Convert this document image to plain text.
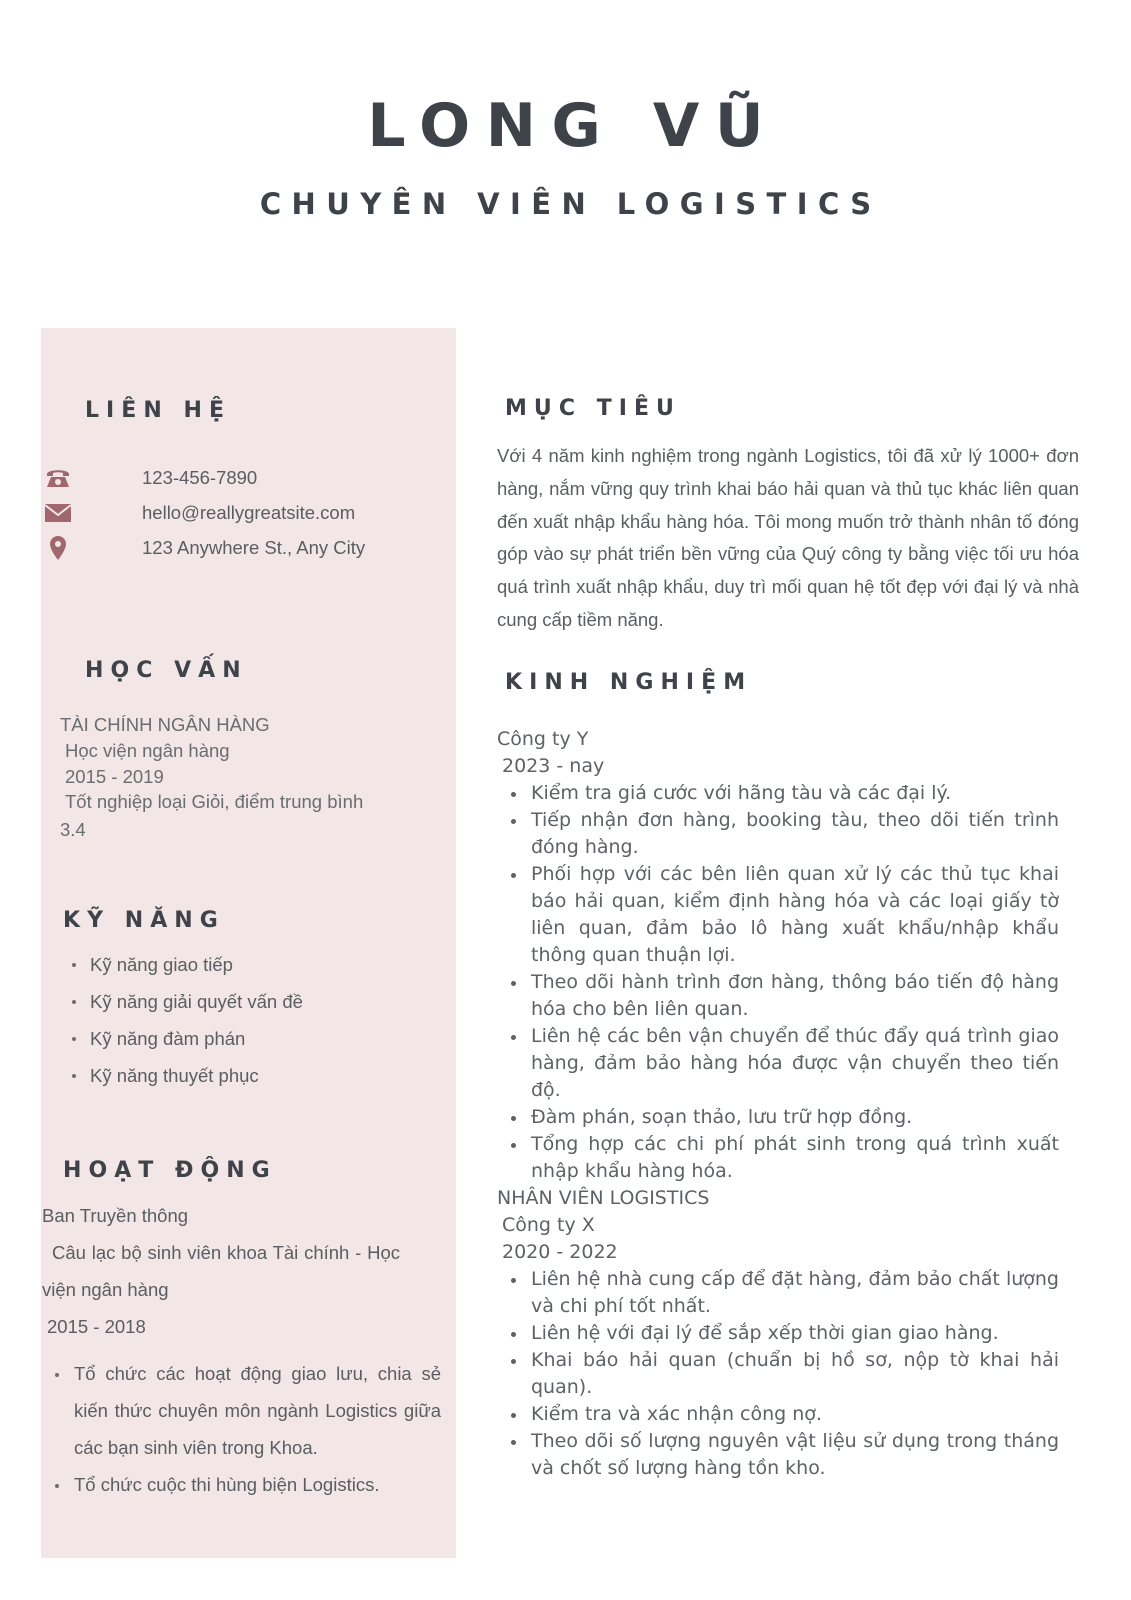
LONG VŨ
CHUYÊN VIÊN LOGISTICS
LIÊN HỆ
123-456-7890
hello@reallygreatsite.com
123 Anywhere St., Any City
HỌC VẤN
TÀI CHÍNH NGÂN HÀNG
Học viện ngân hàng
2015 - 2019
Tốt nghiệp loại Giỏi, điểm trung bình
3.4
KỸ NĂNG
Kỹ năng giao tiếp
Kỹ năng giải quyết vấn đề
Kỹ năng đàm phán
Kỹ năng thuyết phục
HOẠT ĐỘNG
Ban Truyền thông
Câu lạc bộ sinh viên khoa Tài chính - Học viện ngân hàng
2015 - 2018
Tổ chức các hoạt động giao lưu, chia sẻ kiến thức chuyên môn ngành Logistics giữa các bạn sinh viên trong Khoa.
Tổ chức cuộc thi hùng biện Logistics.
MỤC TIÊU

Với 4 năm kinh nghiệm trong ngành Logistics, tôi đã xử lý 1000+ đơn hàng, nắm vững quy trình khai báo hải quan và thủ tục khác liên quan đến xuất nhập khẩu hàng hóa. Tôi mong muốn trở thành nhân tố đóng góp vào sự phát triển bền vững của Quý công ty bằng việc tối ưu hóa quá trình xuất nhập khẩu, duy trì mối quan hệ tốt đẹp với đại lý và nhà cung cấp tiềm năng.

KINH NGHIỆM
Công ty Y
2023 - nay
Kiểm tra giá cước với hãng tàu và các đại lý.
Tiếp nhận đơn hàng, booking tàu, theo dõi tiến trình đóng hàng.
Phối hợp với các bên liên quan xử lý các thủ tục khai báo hải quan, kiểm định hàng hóa và các loại giấy tờ liên quan, đảm bảo lô hàng xuất khẩu/nhập khẩu thông quan thuận lợi.
Theo dõi hành trình đơn hàng, thông báo tiến độ hàng hóa cho bên liên quan.
Liên hệ các bên vận chuyển để thúc đẩy quá trình giao hàng, đảm bảo hàng hóa được vận chuyển theo tiến độ.
Đàm phán, soạn thảo, lưu trữ hợp đồng.
Tổng hợp các chi phí phát sinh trong quá trình xuất nhập khẩu hàng hóa.
NHÂN VIÊN LOGISTICS
Công ty X
2020 - 2022
Liên hệ nhà cung cấp để đặt hàng, đảm bảo chất lượng và chi phí tốt nhất.
Liên hệ với đại lý để sắp xếp thời gian giao hàng.
Khai báo hải quan (chuẩn bị hồ sơ, nộp tờ khai hải quan).
Kiểm tra và xác nhận công nợ.
Theo dõi số lượng nguyên vật liệu sử dụng trong tháng và chốt số lượng hàng tồn kho.
